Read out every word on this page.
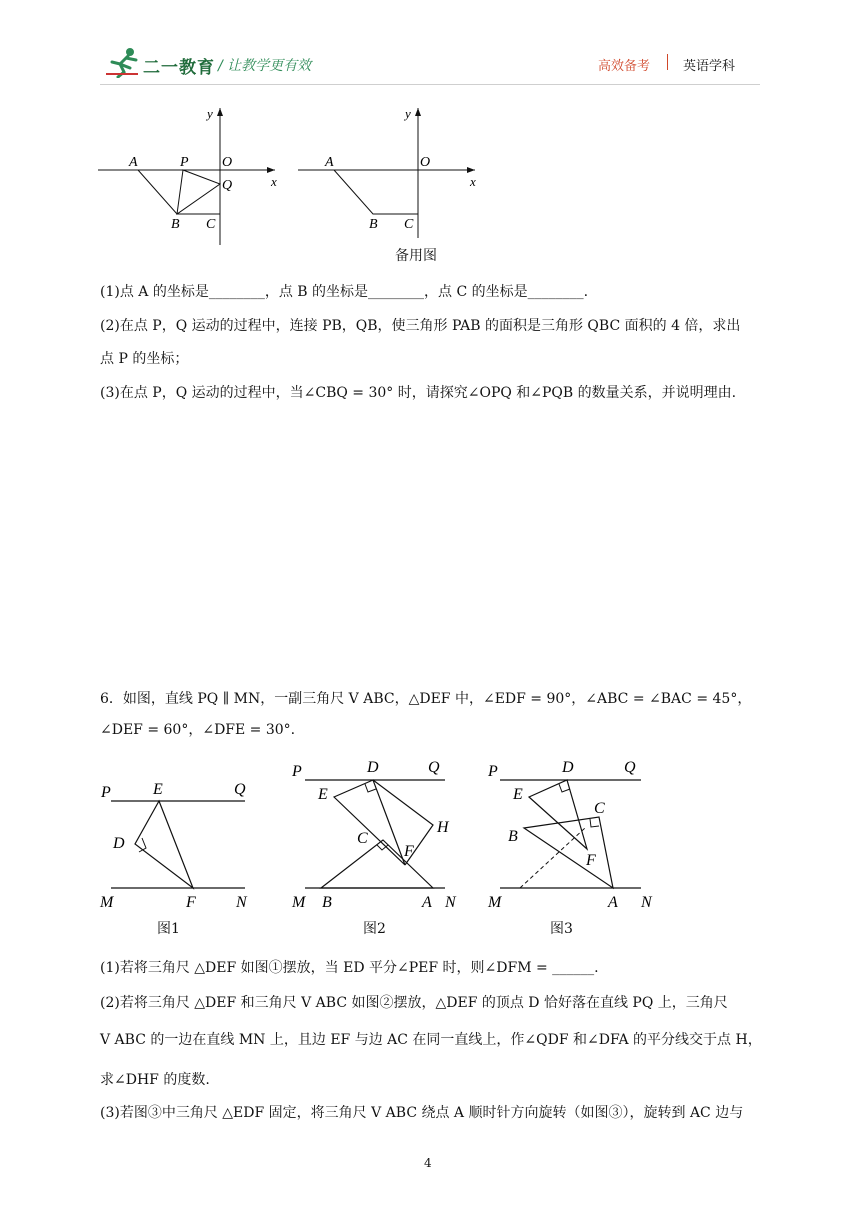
二一教育 / 让教学更有效	高效备考	英语学科
y
x
A	P O
Q
B C
y
x
A	O
B C
备用图
(1)点 A 的坐标是________，点 B 的坐标是________，点 C 的坐标是________.
(2)在点 P，Q 运动的过程中，连接 PB，QB，使三角形 PAB 的面积是三角形 QBC 面积的 4 倍，求出
点 P 的坐标；
(3)在点 P，Q 运动的过程中，当∠CBQ = 30° 时，请探究∠OPQ 和∠PQB 的数量关系，并说明理由.
6．如图，直线 PQ ∥ MN，一副三角尺 V ABC，△DEF 中，∠EDF = 90°，∠ABC = ∠BAC = 45°，
∠DEF = 60°，∠DFE = 30°.
P	E	Q
D
M	F	N
图1
P	D	Q
E
H
C
F
M B	A N
图2
P	D	Q
E
C
B
F
M	A N
图3
(1)若将三角尺 △DEF 如图①摆放，当 ED 平分∠PEF 时，则∠DFM = ______.
(2)若将三角尺 △DEF 和三角尺 V ABC 如图②摆放，△DEF 的顶点 D 恰好落在直线 PQ 上，三角尺
V ABC 的一边在直线 MN 上，且边 EF 与边 AC 在同一直线上，作∠QDF 和∠DFA 的平分线交于点 H，
求∠DHF 的度数.
(3)若图③中三角尺 △EDF 固定，将三角尺 V ABC 绕点 A 顺时针方向旋转（如图③），旋转到 AC 边与
4
